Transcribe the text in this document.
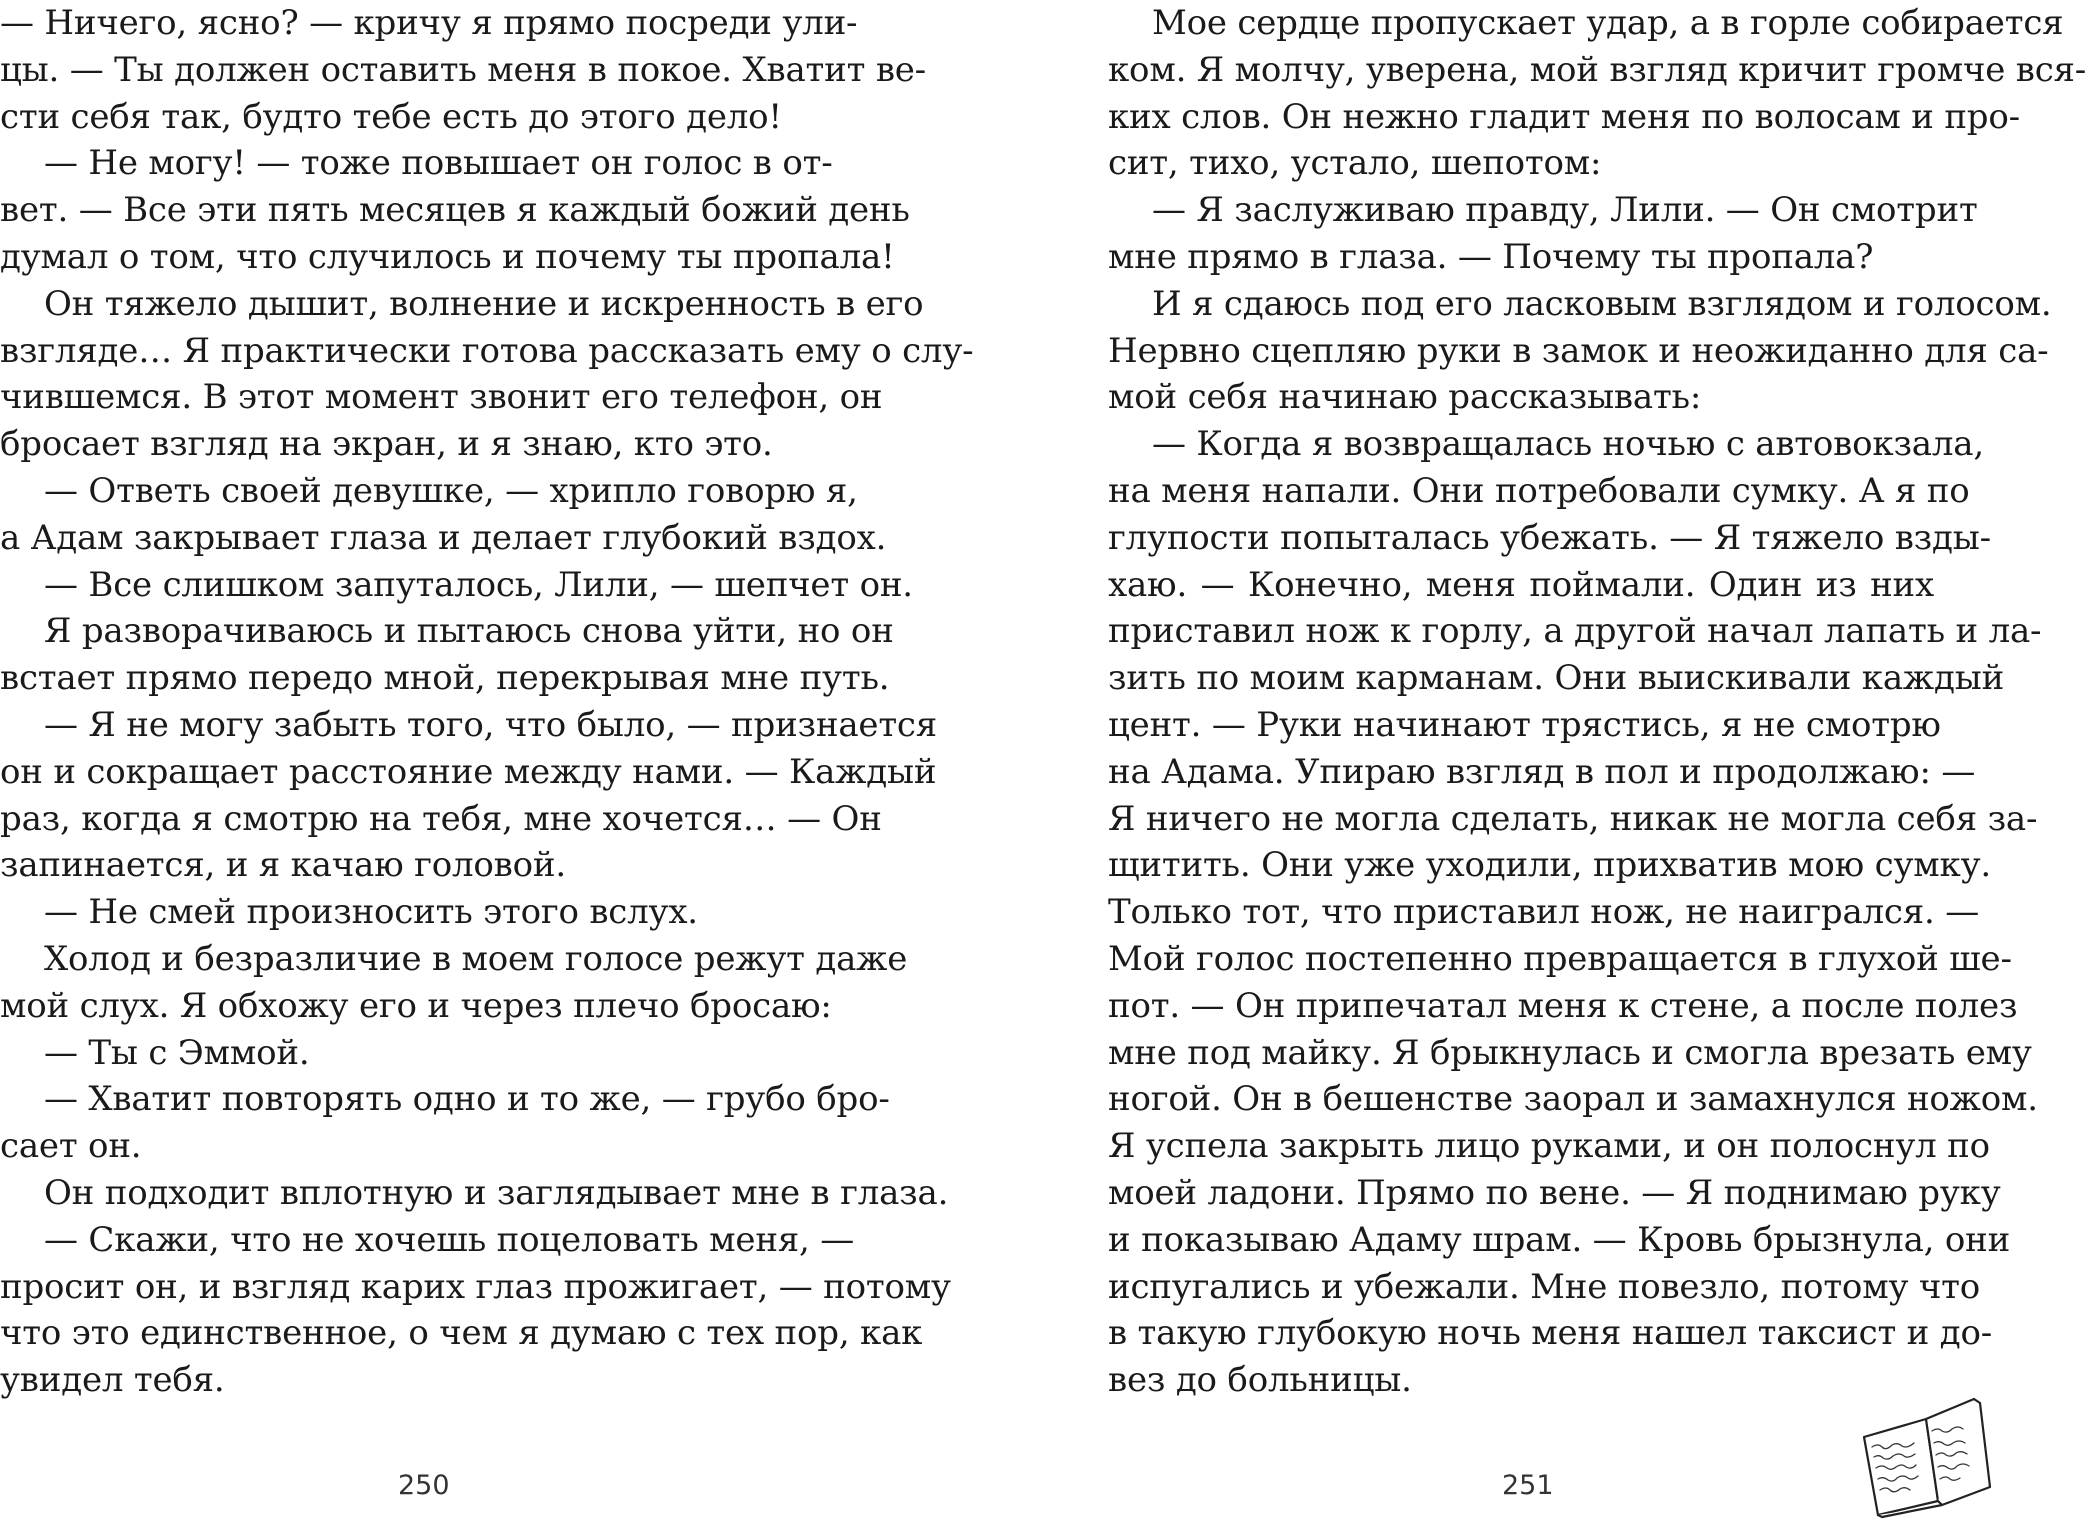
— Ничего, ясно? — кричу я прямо посреди ули-
цы. — Ты должен оставить меня в покое. Хватит ве-
сти себя так, будто тебе есть до этого дело!
— Не могу! — тоже повышает он голос в от-
вет. — Все эти пять месяцев я каждый божий день
думал о том, что случилось и почему ты пропала!
Он тяжело дышит, волнение и искренность в его
взгляде… Я практически готова рассказать ему о слу-
чившемся. В этот момент звонит его телефон, он
бросает взгляд на экран, и я знаю, кто это.
— Ответь своей девушке, — хрипло говорю я,
а Адам закрывает глаза и делает глубокий вздох.
— Все слишком запуталось, Лили, — шепчет он.
Я разворачиваюсь и пытаюсь снова уйти, но он
встает прямо передо мной, перекрывая мне путь.
— Я не могу забыть того, что было, — признается
он и сокращает расстояние между нами. — Каждый
раз, когда я смотрю на тебя, мне хочется… — Он
запинается, и я качаю головой.
— Не смей произносить этого вслух.
Холод и безразличие в моем голосе режут даже
мой слух. Я обхожу его и через плечо бросаю:
— Ты с Эммой.
— Хватит повторять одно и то же, — грубо бро-
сает он.
Он подходит вплотную и заглядывает мне в глаза.
— Скажи, что не хочешь поцеловать меня, —
просит он, и взгляд карих глаз прожигает, — потому
что это единственное, о чем я думаю с тех пор, как
увидел тебя.
250
Мое сердце пропускает удар, а в горле собирается
ком. Я молчу, уверена, мой взгляд кричит громче вся-
ких слов. Он нежно гладит меня по волосам и про-
сит, тихо, устало, шепотом:
— Я заслуживаю правду, Лили. — Он смотрит
мне прямо в глаза. — Почему ты пропала?
И я сдаюсь под его ласковым взглядом и голосом.
Нервно сцепляю руки в замок и неожиданно для са-
мой себя начинаю рассказывать:
— Когда я возвращалась ночью с автовокзала,
на меня напали. Они потребовали сумку. А я по
глупости попыталась убежать. — Я тяжело взды-
хаю. — Конечно, меня поймали. Один из них
приставил нож к горлу, а другой начал лапать и ла-
зить по моим карманам. Они выискивали каждый
цент. — Руки начинают трястись, я не смотрю
на Адама. Упираю взгляд в пол и продолжаю: —
Я ничего не могла сделать, никак не могла себя за-
щитить. Они уже уходили, прихватив мою сумку.
Только тот, что приставил нож, не наигрался. —
Мой голос постепенно превращается в глухой ше-
пот. — Он припечатал меня к стене, а после полез
мне под майку. Я брыкнулась и смогла врезать ему
ногой. Он в бешенстве заорал и замахнулся ножом.
Я успела закрыть лицо руками, и он полоснул по
моей ладони. Прямо по вене. — Я поднимаю руку
и показываю Адаму шрам. — Кровь брызнула, они
испугались и убежали. Мне повезло, потому что
в такую глубокую ночь меня нашел таксист и до-
вез до больницы.
251
